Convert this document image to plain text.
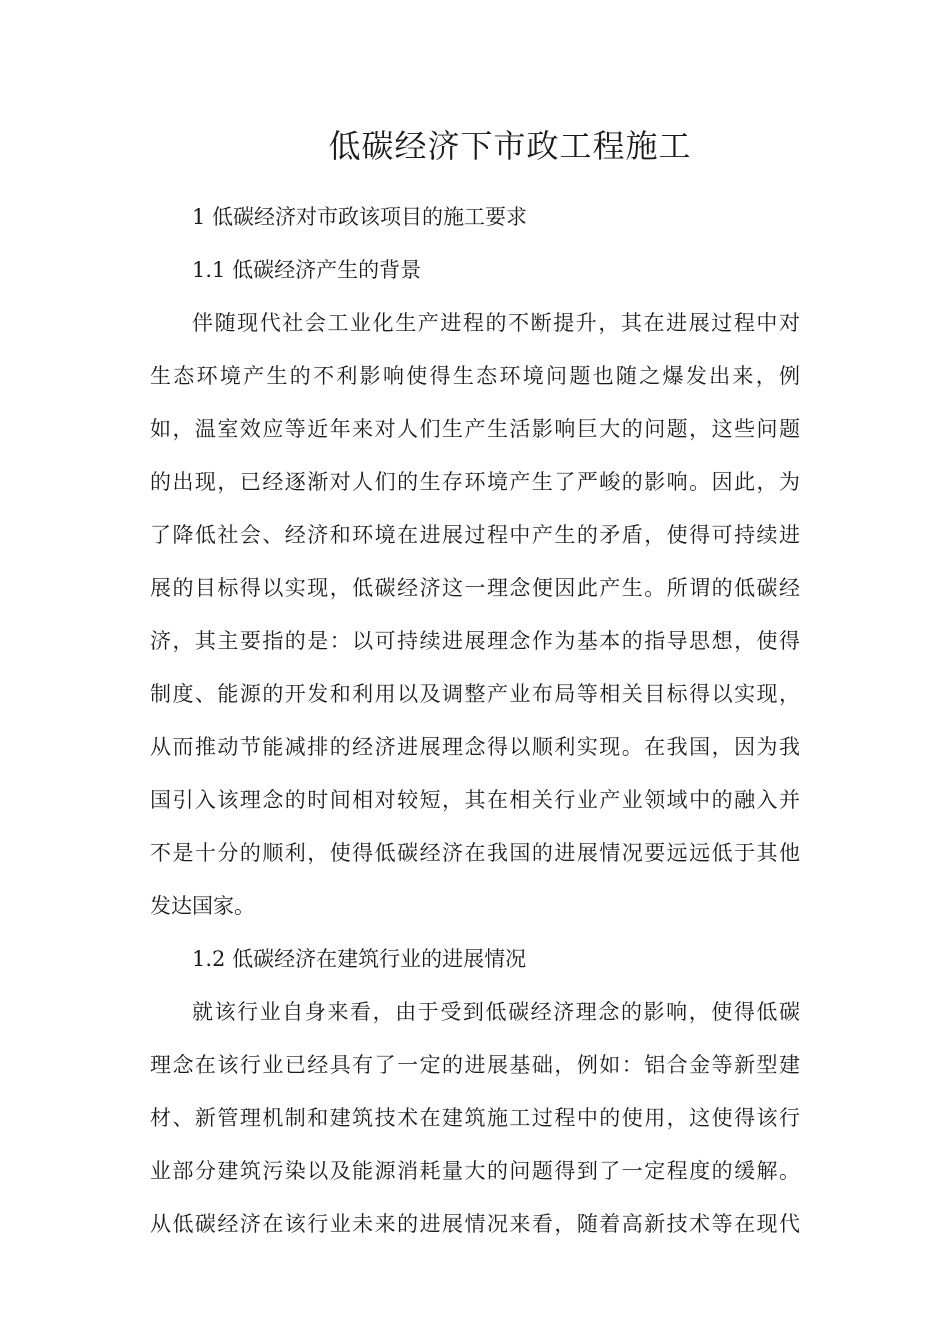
低碳经济下市政工程施工

1 低碳经济对市政该项目的施工要求

1.1 低碳经济产生的背景

伴随现代社会工业化生产进程的不断提升，其在进展过程中对

生态环境产生的不利影响使得生态环境问题也随之爆发出来，例

如，温室效应等近年来对人们生产生活影响巨大的问题，这些问题

的出现，已经逐渐对人们的生存环境产生了严峻的影响。因此，为

了降低社会、经济和环境在进展过程中产生的矛盾，使得可持续进

展的目标得以实现，低碳经济这一理念便因此产生。所谓的低碳经

济，其主要指的是：以可持续进展理念作为基本的指导思想，使得

制度、能源的开发和利用以及调整产业布局等相关目标得以实现，

从而推动节能减排的经济进展理念得以顺利实现。在我国，因为我

国引入该理念的时间相对较短，其在相关行业产业领域中的融入并

不是十分的顺利，使得低碳经济在我国的进展情况要远远低于其他

发达国家。

1.2 低碳经济在建筑行业的进展情况

就该行业自身来看，由于受到低碳经济理念的影响，使得低碳

理念在该行业已经具有了一定的进展基础，例如：铝合金等新型建

材、新管理机制和建筑技术在建筑施工过程中的使用，这使得该行

业部分建筑污染以及能源消耗量大的问题得到了一定程度的缓解。

从低碳经济在该行业未来的进展情况来看，随着高新技术等在现代
